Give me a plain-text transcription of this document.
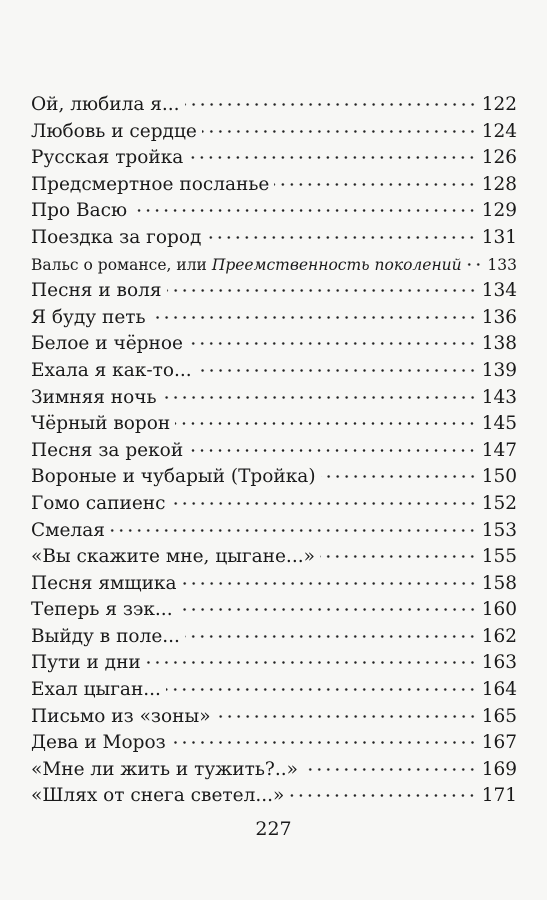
Ой, любила я...	122
Любовь и сердце	124
Русская тройка	126
Предсмертное посланье	128
Про Васю	129
Поездка за город	131
Вальс о романсе, или Преемственность поколений 133
Песня и воля	134
Я буду петь	136
Белое и чёрное	138
Ехала я как-то...	139
Зимняя ночь	143
Чёрный ворон	145
Песня за рекой	147
Вороные и чубарый (Тройка)	150
Гомо сапиенс	152
Смелая	153
«Вы скажите мне, цыгане...»	155
Песня ямщика	158
Теперь я зэк...	160
Выйду в поле...	162
Пути и дни	163
Ехал цыган...	164
Письмо из «зоны»	165
Дева и Мороз	167
«Мне ли жить и тужить?..»	169
«Шлях от снега светел...»	171
227
